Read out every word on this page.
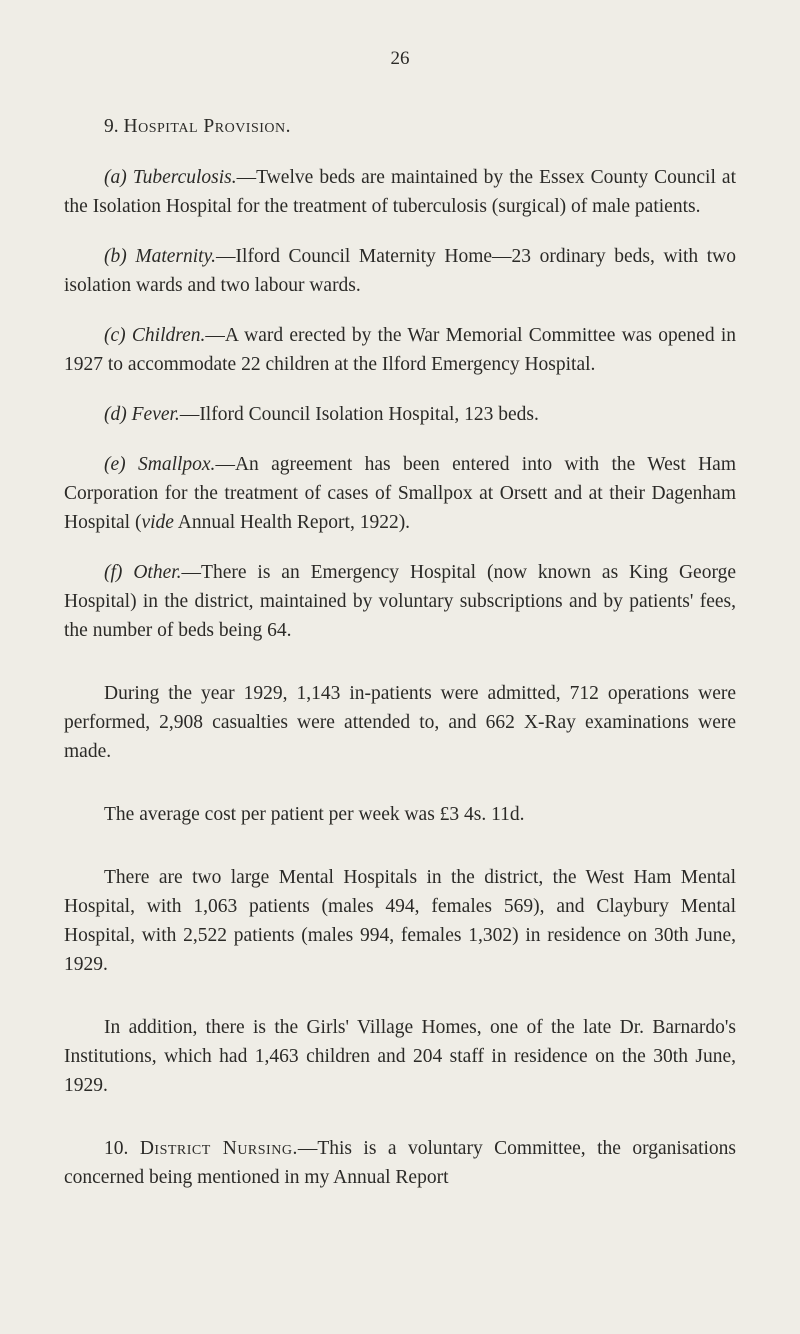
26
9. Hospital Provision.

(a) Tuberculosis.—Twelve beds are maintained by the Essex County Council at the Isolation Hospital for the treatment of tuberculosis (surgical) of male patients.

(b) Maternity.—Ilford Council Maternity Home—23 ordinary beds, with two isolation wards and two labour wards.

(c) Children.—A ward erected by the War Memorial Committee was opened in 1927 to accommodate 22 children at the Ilford Emergency Hospital.

(d) Fever.—Ilford Council Isolation Hospital, 123 beds.

(e) Smallpox.—An agreement has been entered into with the West Ham Corporation for the treatment of cases of Smallpox at Orsett and at their Dagenham Hospital (vide Annual Health Report, 1922).

(f) Other.—There is an Emergency Hospital (now known as King George Hospital) in the district, maintained by voluntary subscriptions and by patients' fees, the number of beds being 64.

During the year 1929, 1,143 in-patients were admitted, 712 operations were performed, 2,908 casualties were attended to, and 662 X-Ray examinations were made.

The average cost per patient per week was £3 4s. 11d.

There are two large Mental Hospitals in the district, the West Ham Mental Hospital, with 1,063 patients (males 494, females 569), and Claybury Mental Hospital, with 2,522 patients (males 994, females 1,302) in residence on 30th June, 1929.

In addition, there is the Girls' Village Homes, one of the late Dr. Barnardo's Institutions, which had 1,463 children and 204 staff in residence on the 30th June, 1929.

10. District Nursing.—This is a voluntary Committee, the organisations concerned being mentioned in my Annual Report
